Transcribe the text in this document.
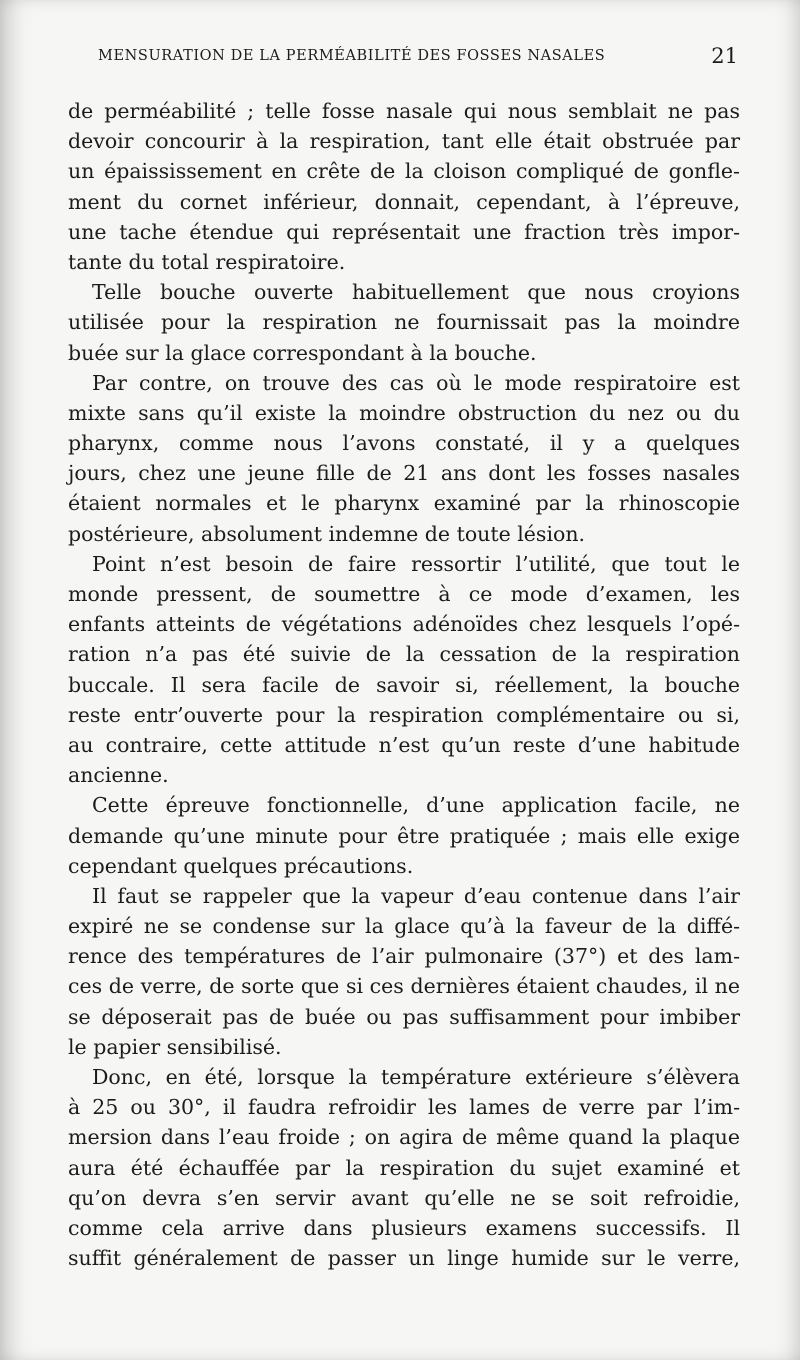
MENSURATION DE LA PERMÉABILITÉ DES FOSSES NASALES	21
de perméabilité ; telle fosse nasale qui nous semblait ne pas
devoir concourir à la respiration, tant elle était obstruée par
un épaississement en crête de la cloison compliqué de gonfle-
ment du cornet inférieur, donnait, cependant, à l’épreuve,
une tache étendue qui représentait une fraction très impor-
tante du total respiratoire.
Telle bouche ouverte habituellement que nous croyions
utilisée pour la respiration ne fournissait pas la moindre
buée sur la glace correspondant à la bouche.
Par contre, on trouve des cas où le mode respiratoire est
mixte sans qu’il existe la moindre obstruction du nez ou du
pharynx, comme nous l’avons constaté, il y a quelques
jours, chez une jeune fille de 21 ans dont les fosses nasales
étaient normales et le pharynx examiné par la rhinoscopie
postérieure, absolument indemne de toute lésion.
Point n’est besoin de faire ressortir l’utilité, que tout le
monde pressent, de soumettre à ce mode d’examen, les
enfants atteints de végétations adénoïdes chez lesquels l’opé-
ration n’a pas été suivie de la cessation de la respiration
buccale. Il sera facile de savoir si, réellement, la bouche
reste entr’ouverte pour la respiration complémentaire ou si,
au contraire, cette attitude n’est qu’un reste d’une habitude
ancienne.
Cette épreuve fonctionnelle, d’une application facile, ne
demande qu’une minute pour être pratiquée ; mais elle exige
cependant quelques précautions.
Il faut se rappeler que la vapeur d’eau contenue dans l’air
expiré ne se condense sur la glace qu’à la faveur de la diffé-
rence des températures de l’air pulmonaire (37°) et des lam-
ces de verre, de sorte que si ces dernières étaient chaudes, il ne
se déposerait pas de buée ou pas suffisamment pour imbiber
le papier sensibilisé.
Donc, en été, lorsque la température extérieure s’élèvera
à 25 ou 30°, il faudra refroidir les lames de verre par l’im-
mersion dans l’eau froide ; on agira de même quand la plaque
aura été échauffée par la respiration du sujet examiné et
qu’on devra s’en servir avant qu’elle ne se soit refroidie,
comme cela arrive dans plusieurs examens successifs. Il
suffit généralement de passer un linge humide sur le verre,
